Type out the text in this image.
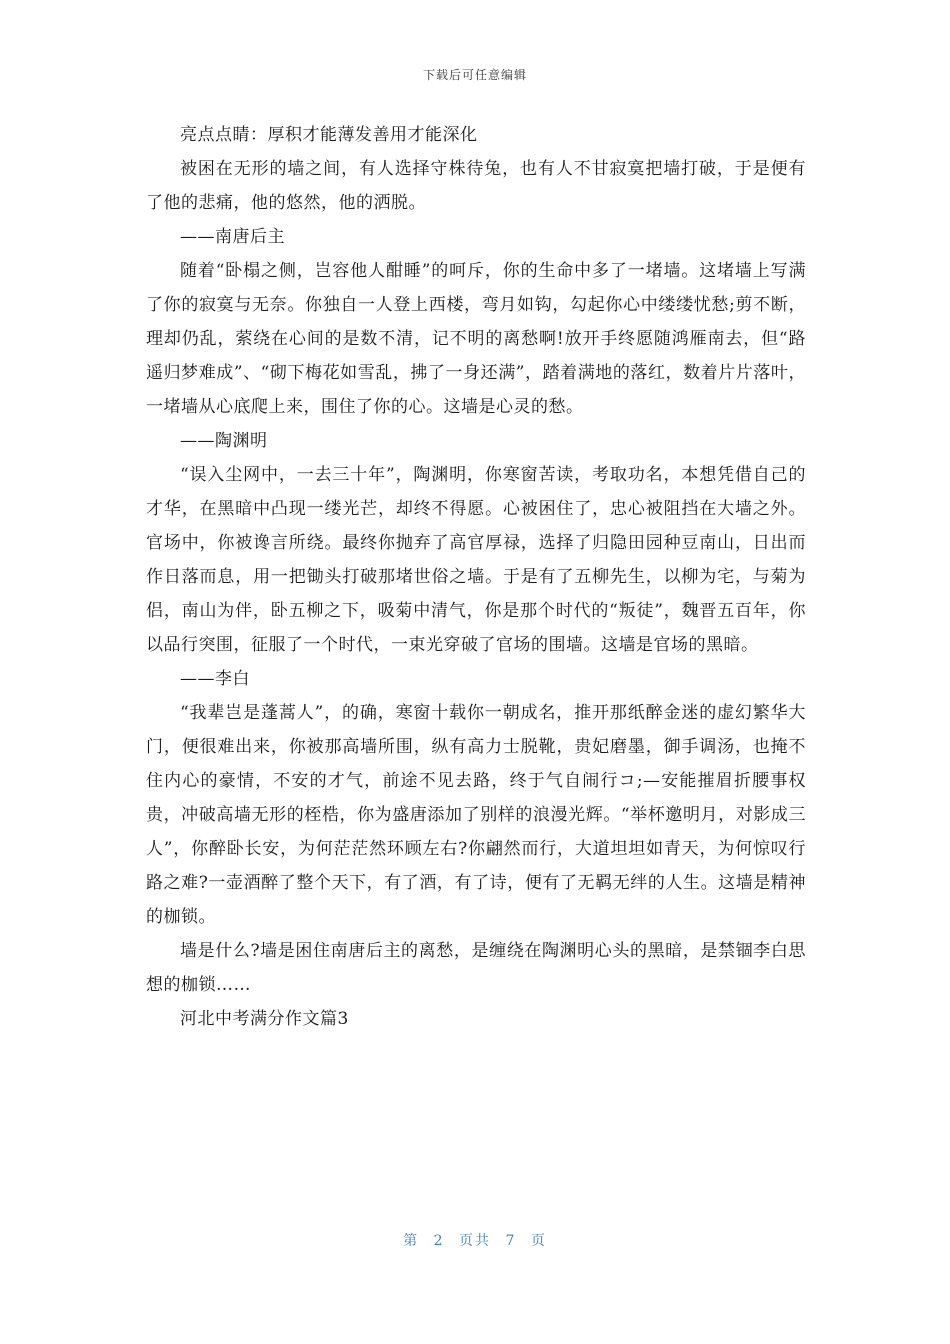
下载后可任意编辑

亮点点睛：厚积才能薄发善用才能深化

被困在无形的墙之间，有人选择守株待兔，也有人不甘寂寞把墙打破，于是便有了他的悲痛，他的悠然，他的洒脱。

——南唐后主

随着“卧榻之侧，岂容他人酣睡”的呵斥，你的生命中多了一堵墙。这堵墙上写满了你的寂寞与无奈。你独自一人登上西楼，弯月如钩，勾起你心中缕缕忧愁;剪不断，理却仍乱，萦绕在心间的是数不清，记不明的离愁啊!放开手终愿随鸿雁南去，但“路遥归梦难成”、“砌下梅花如雪乱，拂了一身还满”，踏着满地的落红，数着片片落叶，一堵墙从心底爬上来，围住了你的心。这墙是心灵的愁。

——陶渊明

“误入尘网中，一去三十年”，陶渊明，你寒窗苦读，考取功名，本想凭借自己的才华，在黑暗中凸现一缕光芒，却终不得愿。心被困住了，忠心被阻挡在大墙之外。官场中，你被谗言所绕。最终你抛弃了高官厚禄，选择了归隐田园种豆南山，日出而作日落而息，用一把锄头打破那堵世俗之墙。于是有了五柳先生，以柳为宅，与菊为侣，南山为伴，卧五柳之下，吸菊中清气，你是那个时代的“叛徒”，魏晋五百年，你以品行突围，征服了一个时代，一束光穿破了官场的围墙。这墙是官场的黑暗。

——李白

“我辈岂是蓬蒿人”，的确，寒窗十载你一朝成名，推开那纸醉金迷的虚幻繁华大门，便很难出来，你被那高墙所围，纵有高力士脱靴，贵妃磨墨，御手调汤，也掩不住内心的豪情，不安的才气，前途不见去路，终于气自闹行コ;—安能摧眉折腰事权贵，冲破高墙无形的桎梏，你为盛唐添加了别样的浪漫光辉。“举杯邀明月，对影成三人”，你醉卧长安，为何茫茫然环顾左右?你翩然而行，大道坦坦如青天，为何惊叹行路之难?一壶酒醉了整个天下，有了酒，有了诗，便有了无羁无绊的人生。这墙是精神的枷锁。

墙是什么?墙是困住南唐后主的离愁，是缠绕在陶渊明心头的黑暗，是禁锢李白思想的枷锁……

河北中考满分作文篇3

第 2 页共 7 页
